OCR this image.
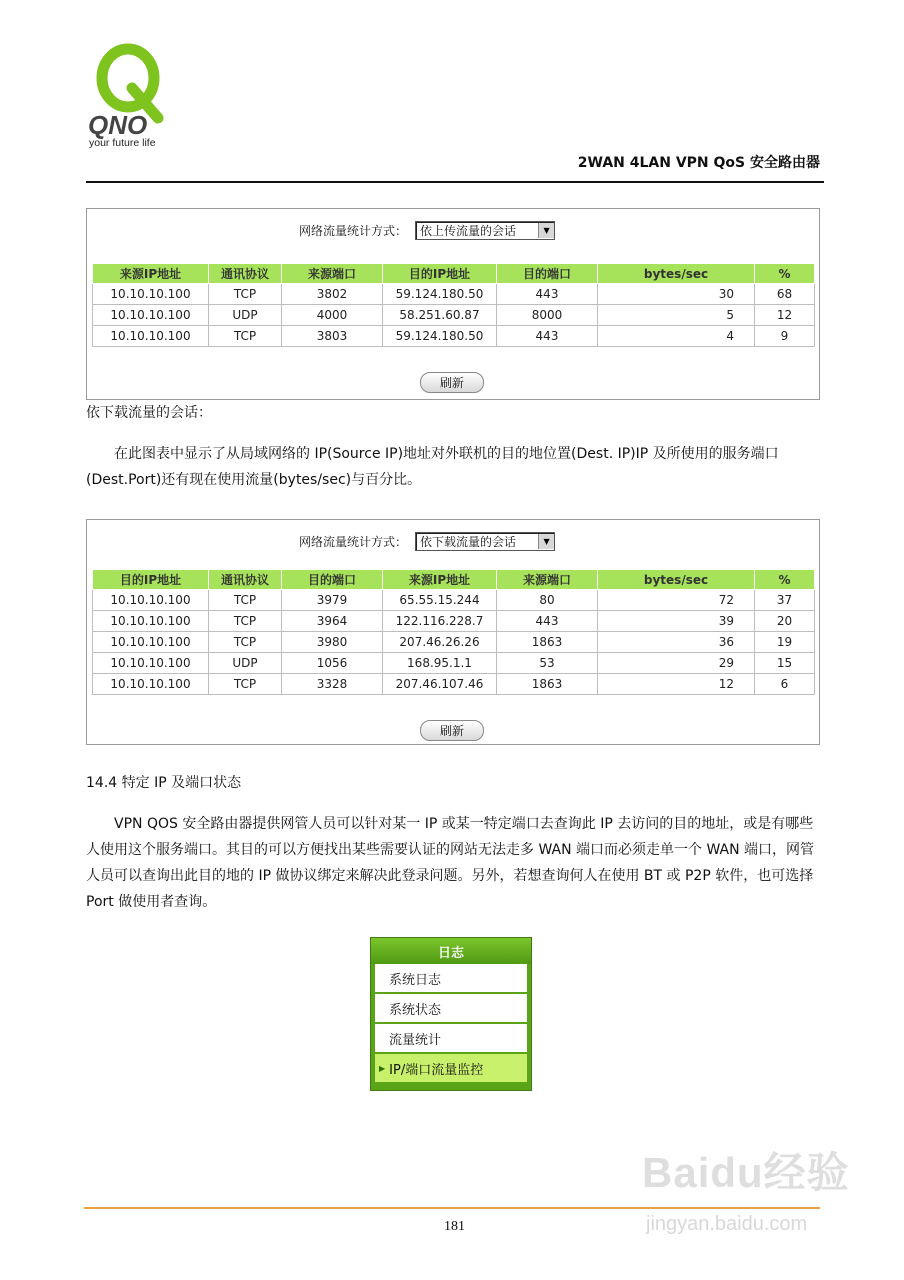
QNO
your future life
2WAN 4LAN VPN QoS 安全路由器
网络流量统计方式：	依上传流量的会话	▼
来源IP地址	通讯协议	来源端口	目的IP地址	目的端口	bytes/sec	%
10.10.10.100	TCP	3802	59.124.180.50	443	30	68
10.10.10.100	UDP	4000	58.251.60.87	8000	5	12
10.10.10.100	TCP	3803	59.124.180.50	443	4	9
刷新
依下载流量的会话：
在此图表中显示了从局域网络的 IP(Source IP)地址对外联机的目的地位置(Dest. IP)IP 及所使用的服务端口(Dest.Port)还有现在使用流量(bytes/sec)与百分比。
网络流量统计方式：	依下载流量的会话	▼
目的IP地址	通讯协议	目的端口	来源IP地址	来源端口	bytes/sec	%
10.10.10.100	TCP	3979	65.55.15.244	80	72	37
10.10.10.100	TCP	3964	122.116.228.7	443	39	20
10.10.10.100	TCP	3980	207.46.26.26	1863	36	19
10.10.10.100	UDP	1056	168.95.1.1	53	29	15
10.10.10.100	TCP	3328	207.46.107.46	1863	12	6
刷新
14.4 特定 IP 及端口状态
VPN QOS 安全路由器提供网管人员可以针对某一 IP 或某一特定端口去查询此 IP 去访问的目的地址，或是有哪些人使用这个服务端口。其目的可以方便找出某些需要认证的网站无法走多 WAN 端口而必须走单一个 WAN 端口，网管人员可以查询出此目的地的 IP 做协议绑定来解决此登录问题。另外，若想查询何人在使用 BT 或 P2P 软件，也可选择 Port 做使用者查询。
日志
系统日志
系统状态
流量统计
▶ IP/端口流量监控
Baidu经验
181	jingyan.baidu.com
